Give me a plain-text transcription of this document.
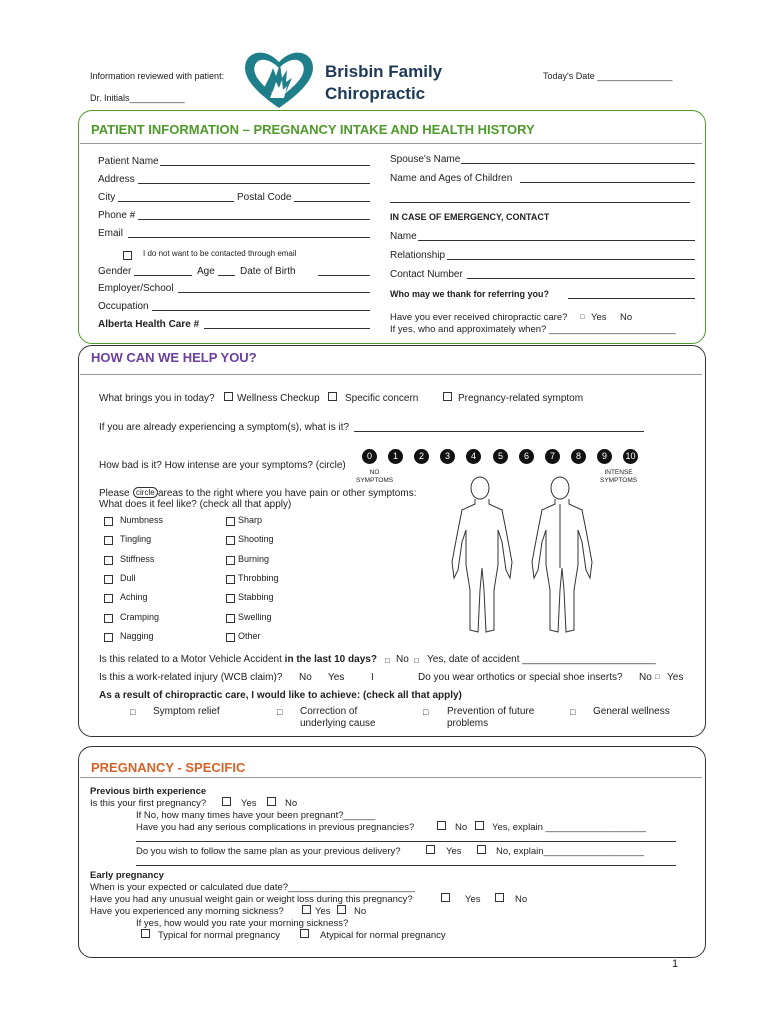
Information reviewed with patient:
Dr. Initials___________
Brisbin Family
Chiropractic
Today's Date _______________
PATIENT INFORMATION – PREGNANCY INTAKE AND HEALTH HISTORY
Patient Name
Address
City	Postal Code
Phone #
Email
I do not want to be contacted through email
Gender	Age	Date of Birth
Employer/School
Occupation
Alberta Health Care #
Spouse's Name
Name and Ages of Children
IN CASE OF EMERGENCY, CONTACT
Name
Relationship
Contact Number
Who may we thank for referring you?
Have you ever received chiropractic care? □ Yes No
If yes, who and approximately when? ________________________
HOW CAN WE HELP YOU?
What brings you in today? Wellness Checkup	Specific concern	Pregnancy-related symptom
If you are already experiencing a symptom(s), what is it?
How bad is it? How intense are your symptoms? (circle)
0	1	2	3	4	5	6	7	8	9	10
NO
SYMPTOMS
INTENSE
SYMPTOMS
Please circle areas to the right where you have pain or other symptoms:
What does it feel like? (check all that apply)
Numbness
Tingling
Stiffness
Dull
Aching
Cramping
Nagging
Sharp
Shooting
Burning
Throbbing
Stabbing
Swelling
Other
Is this related to a Motor Vehicle Accident in the last 10 days? □ No □ Yes, date of accident ________________________
Is this a work-related injury (WCB claim)? No Yes	I	Do you wear orthotics or special shoe inserts? No □ Yes
As a result of chiropractic care, I would like to achieve: (check all that apply)
□ Symptom relief	□ Correction of
underlying cause
□ Prevention of future
problems
□ General wellness
PREGNANCY - SPECIFIC
Previous birth experience
Is this your first pregnancy?	Yes	No
If No, how many times have your been pregnant?______
Have you had any serious complications in previous pregnancies?	No	Yes, explain ___________________
Do you wish to follow the same plan as your previous delivery?	Yes	No, explain___________________
Early pregnancy
When is your expected or calculated due date?________________________
Have you had any unusual weight gain or weight loss during this pregnancy?	Yes	No
Have you experienced any morning sickness?	Yes No
If yes, how would you rate your morning sickness?
Typical for normal pregnancy	Atypical for normal pregnancy
1
